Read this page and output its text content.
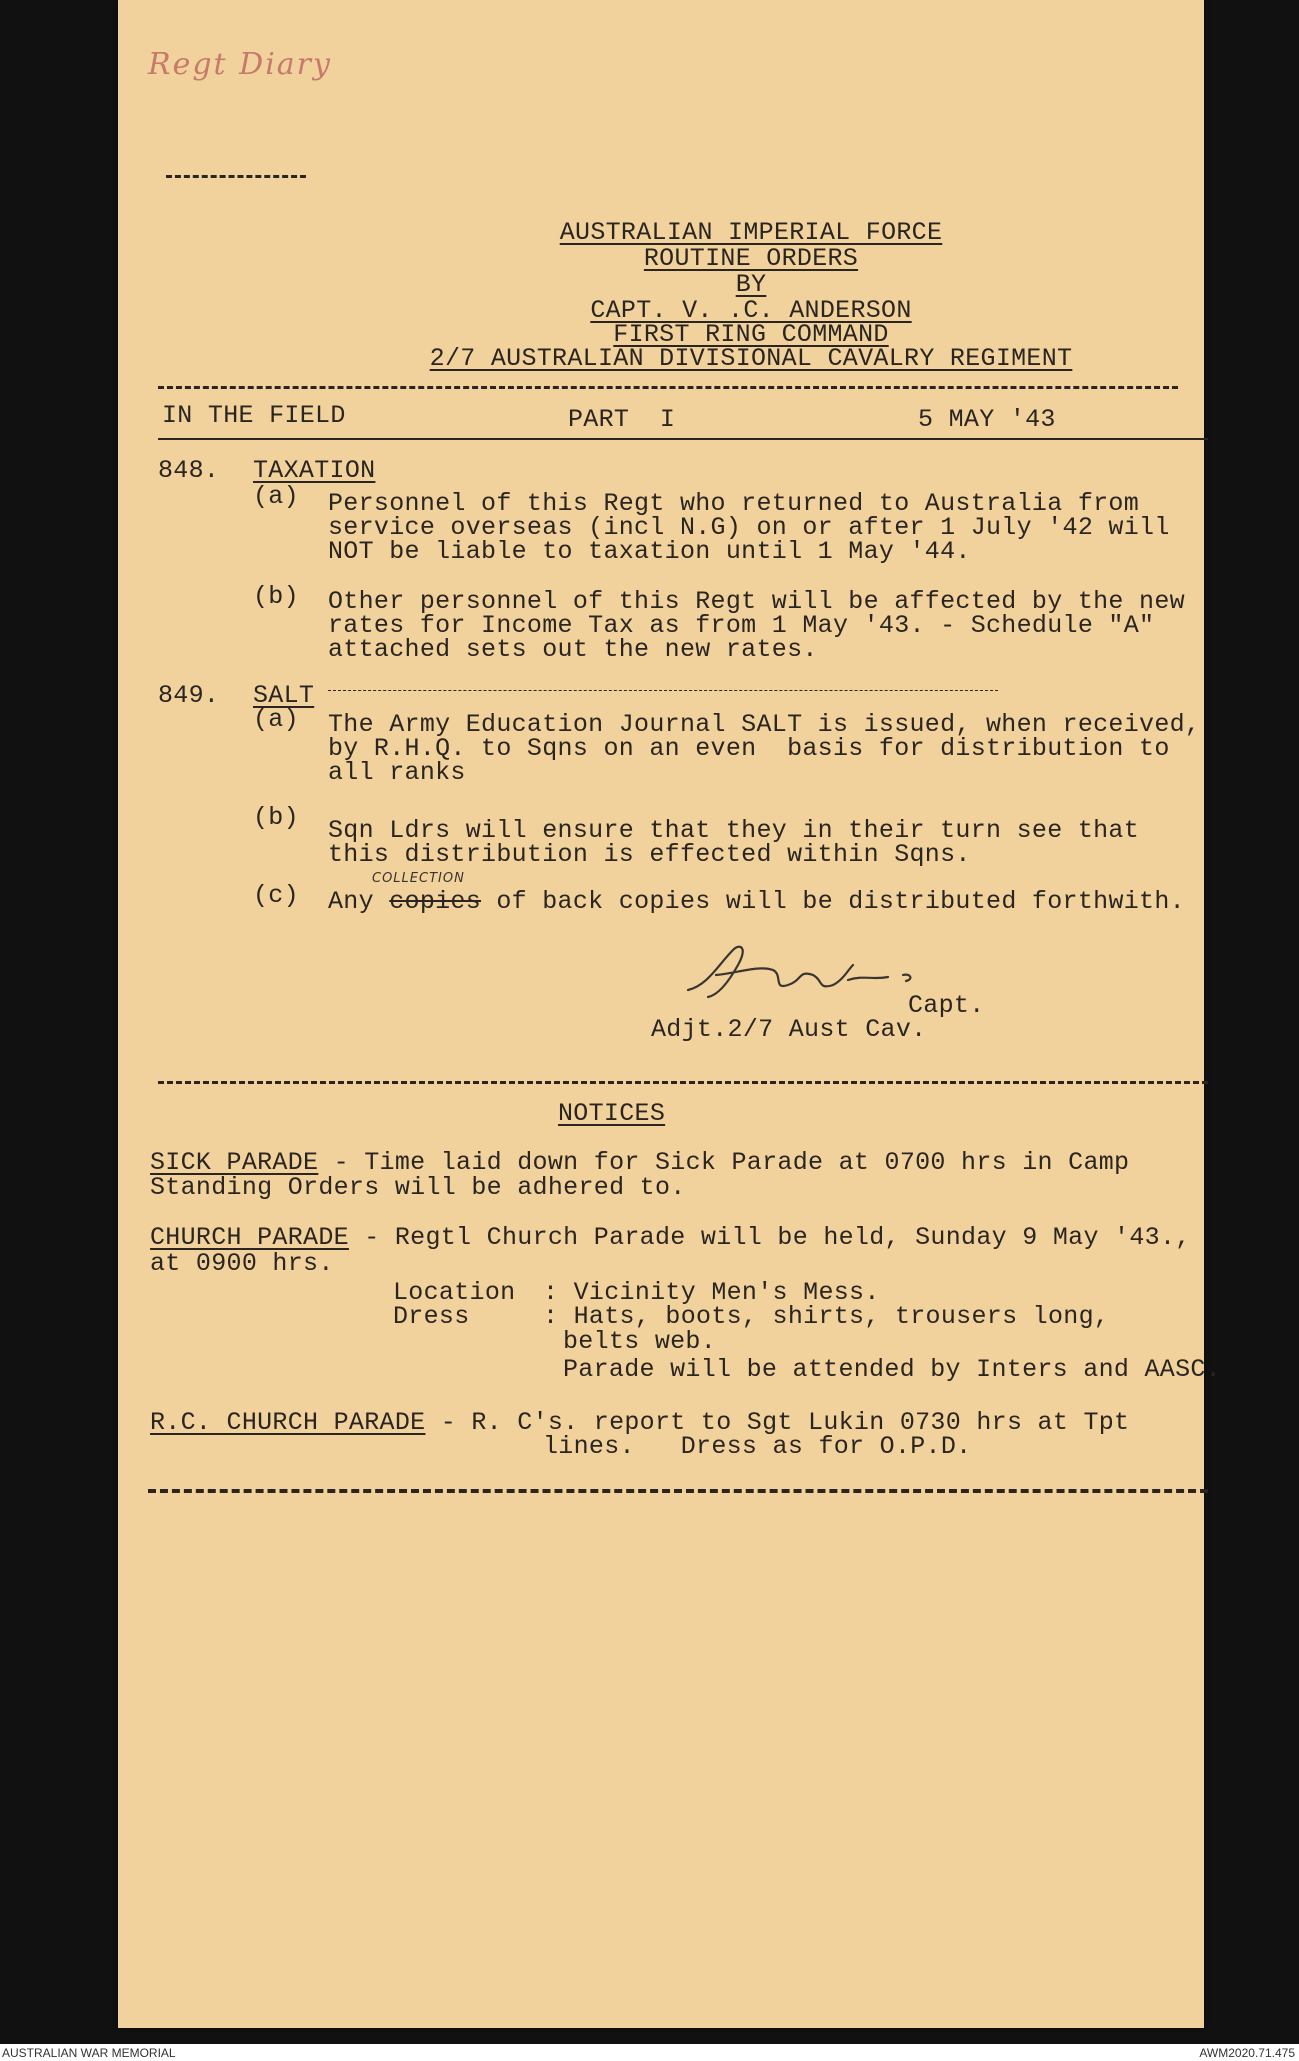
Regt Diary
AUSTRALIAN IMPERIAL FORCE
ROUTINE ORDERS
BY
CAPT. V. .C. ANDERSON
FIRST RING COMMAND
2/7 AUSTRALIAN DIVISIONAL CAVALRY REGIMENT
IN THE FIELD	PART  I	5 MAY '43
848. TAXATION
(a) Personnel of this Regt who returned to Australia from
service overseas (incl N.G) on or after 1 July '42 will
NOT be liable to taxation until 1 May '44.
(b) Other personnel of this Regt will be affected by the new
rates for Income Tax as from 1 May '43. - Schedule "A"
attached sets out the new rates.
849. SALT
(a) The Army Education Journal SALT is issued, when received,
by R.H.Q. to Sqns on an even  basis for distribution to
all ranks
(b) Sqn Ldrs will ensure that they in their turn see that
this distribution is effected within Sqns.
COLLECTION
(c) Any copies of back copies will be distributed forthwith.
Capt.
Adjt.2/7 Aust Cav.
NOTICES
SICK PARADE - Time laid down for Sick Parade at 0700 hrs in Camp
Standing Orders will be adhered to.
CHURCH PARADE - Regtl Church Parade will be held, Sunday 9 May '43.,
at 0900 hrs.
Location : Vicinity Men's Mess.
Dress	: Hats, boots, shirts, trousers long,
belts web.
Parade will be attended by Inters and AASC.
R.C. CHURCH PARADE - R. C's. report to Sgt Lukin 0730 hrs at Tpt
lines.   Dress as for O.P.D.
AUSTRALIAN WAR MEMORIAL	AWM2020.71.475
